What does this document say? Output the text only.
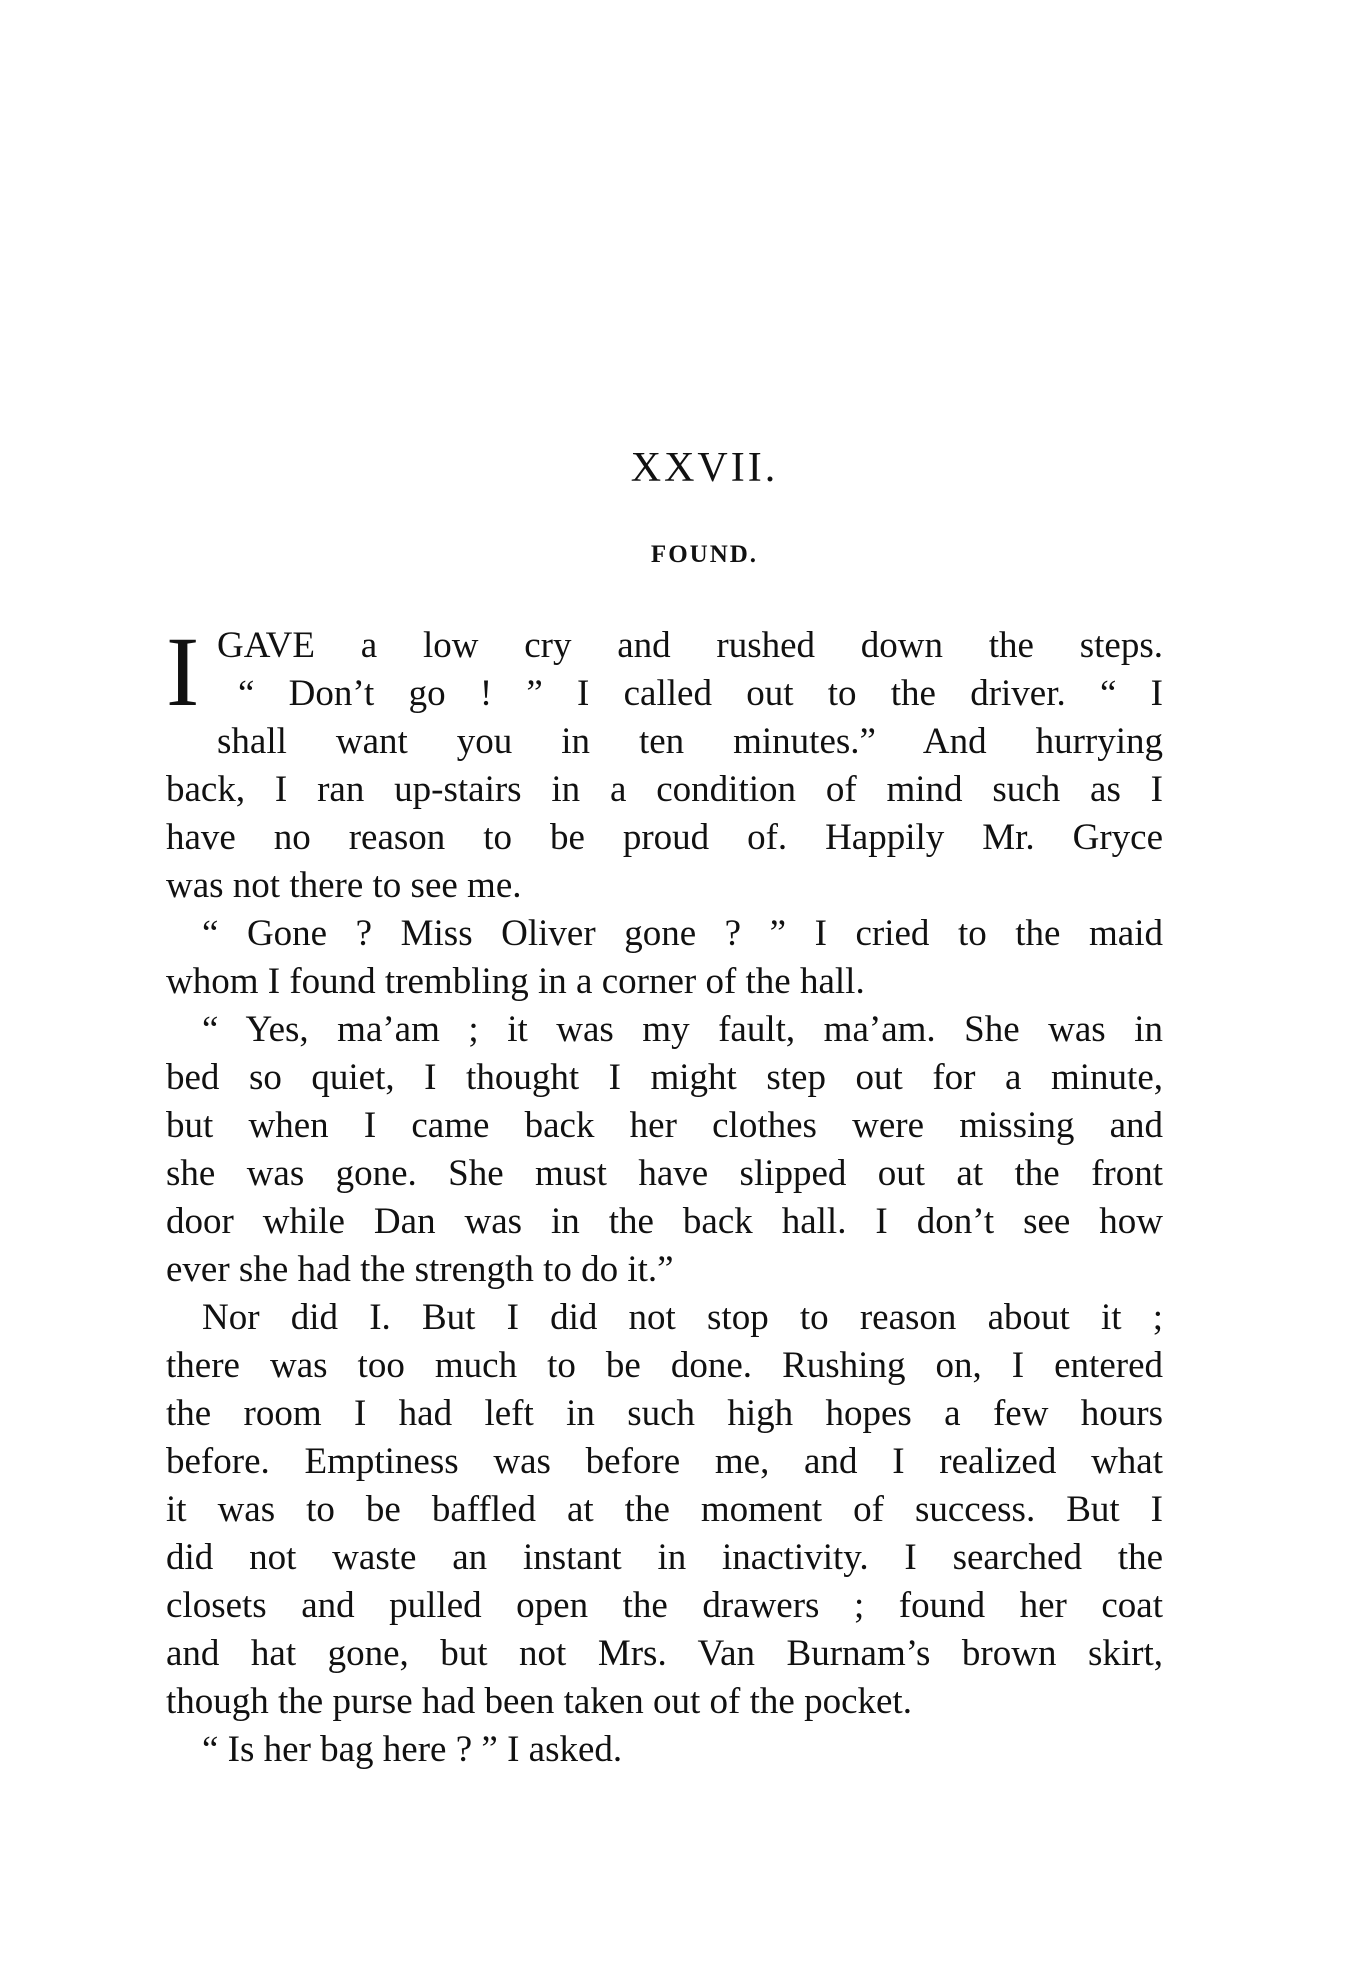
XXVII.
FOUND.
I GAVE a low cry and rushed down the steps.
“ Don’t go ! ” I called out to the driver. “ I
shall want you in ten minutes.” And hurrying
back, I ran up-stairs in a condition of mind such as I
have no reason to be proud of. Happily Mr. Gryce
was not there to see me.
“ Gone ? Miss Oliver gone ? ” I cried to the maid
whom I found trembling in a corner of the hall.
“ Yes, ma’am ; it was my fault, ma’am. She was in
bed so quiet, I thought I might step out for a minute,
but when I came back her clothes were missing and
she was gone. She must have slipped out at the front
door while Dan was in the back hall. I don’t see how
ever she had the strength to do it.”
Nor did I. But I did not stop to reason about it ;
there was too much to be done. Rushing on, I entered
the room I had left in such high hopes a few hours
before. Emptiness was before me, and I realized what
it was to be baffled at the moment of success. But I
did not waste an instant in inactivity. I searched the
closets and pulled open the drawers ; found her coat
and hat gone, but not Mrs. Van Burnam’s brown skirt,
though the purse had been taken out of the pocket.
“ Is her bag here ? ” I asked.
